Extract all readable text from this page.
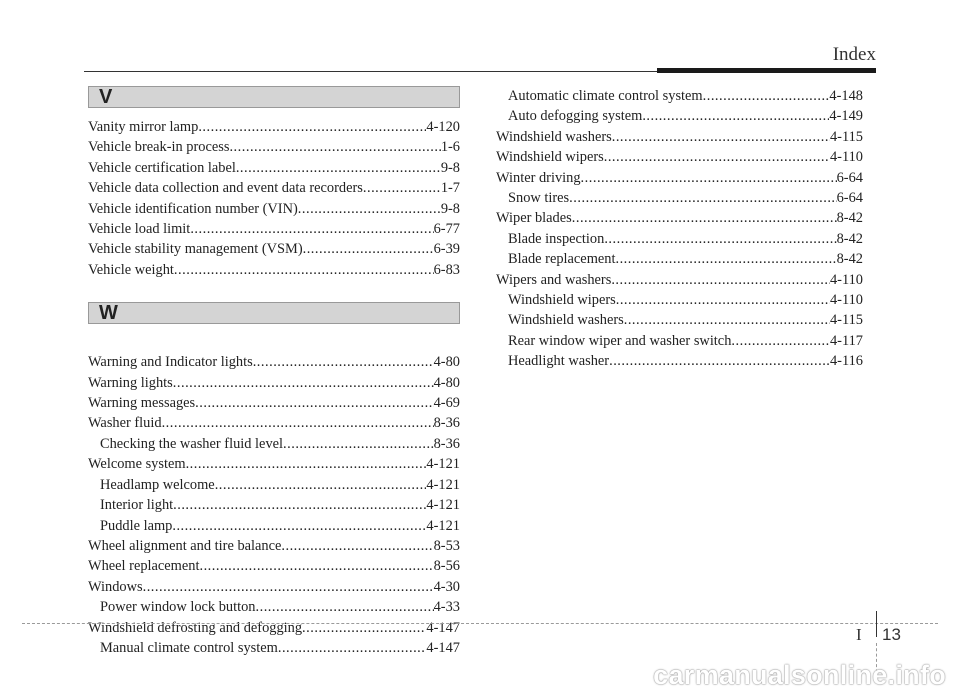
Index
V
Vanity mirror lamp .....	4-120
Vehicle break-in process .....	1-6
Vehicle certification label .....	9-8
Vehicle data collection and event data recorders .....	1-7
Vehicle identification number (VIN) .....	9-8
Vehicle load limit .....	6-77
Vehicle stability management (VSM) .....	6-39
Vehicle weight .....	6-83
W
Warning and Indicator lights .....	4-80
Warning lights .....	4-80
Warning messages .....	4-69
Washer fluid .....	8-36
Checking the washer fluid level .....	8-36
Welcome system .....	4-121
Headlamp welcome .....	4-121
Interior light .....	4-121
Puddle lamp .....	4-121
Wheel alignment and tire balance .....	8-53
Wheel replacement .....	8-56
Windows .....	4-30
Power window lock button .....	4-33
Windshield defrosting and defogging .....	4-147
Manual climate control system .....	4-147
Automatic climate control system .....	4-148
Auto defogging system .....	4-149
Windshield washers .....	4-115
Windshield wipers .....	4-110
Winter driving .....	6-64
Snow tires .....	6-64
Wiper blades .....	8-42
Blade inspection .....	8-42
Blade replacement .....	8-42
Wipers and washers .....	4-110
Windshield wipers .....	4-110
Windshield washers .....	4-115
Rear window wiper and washer switch .....	4-117
Headlight washer .....	4-116
I 13
carmanualsonline.info
